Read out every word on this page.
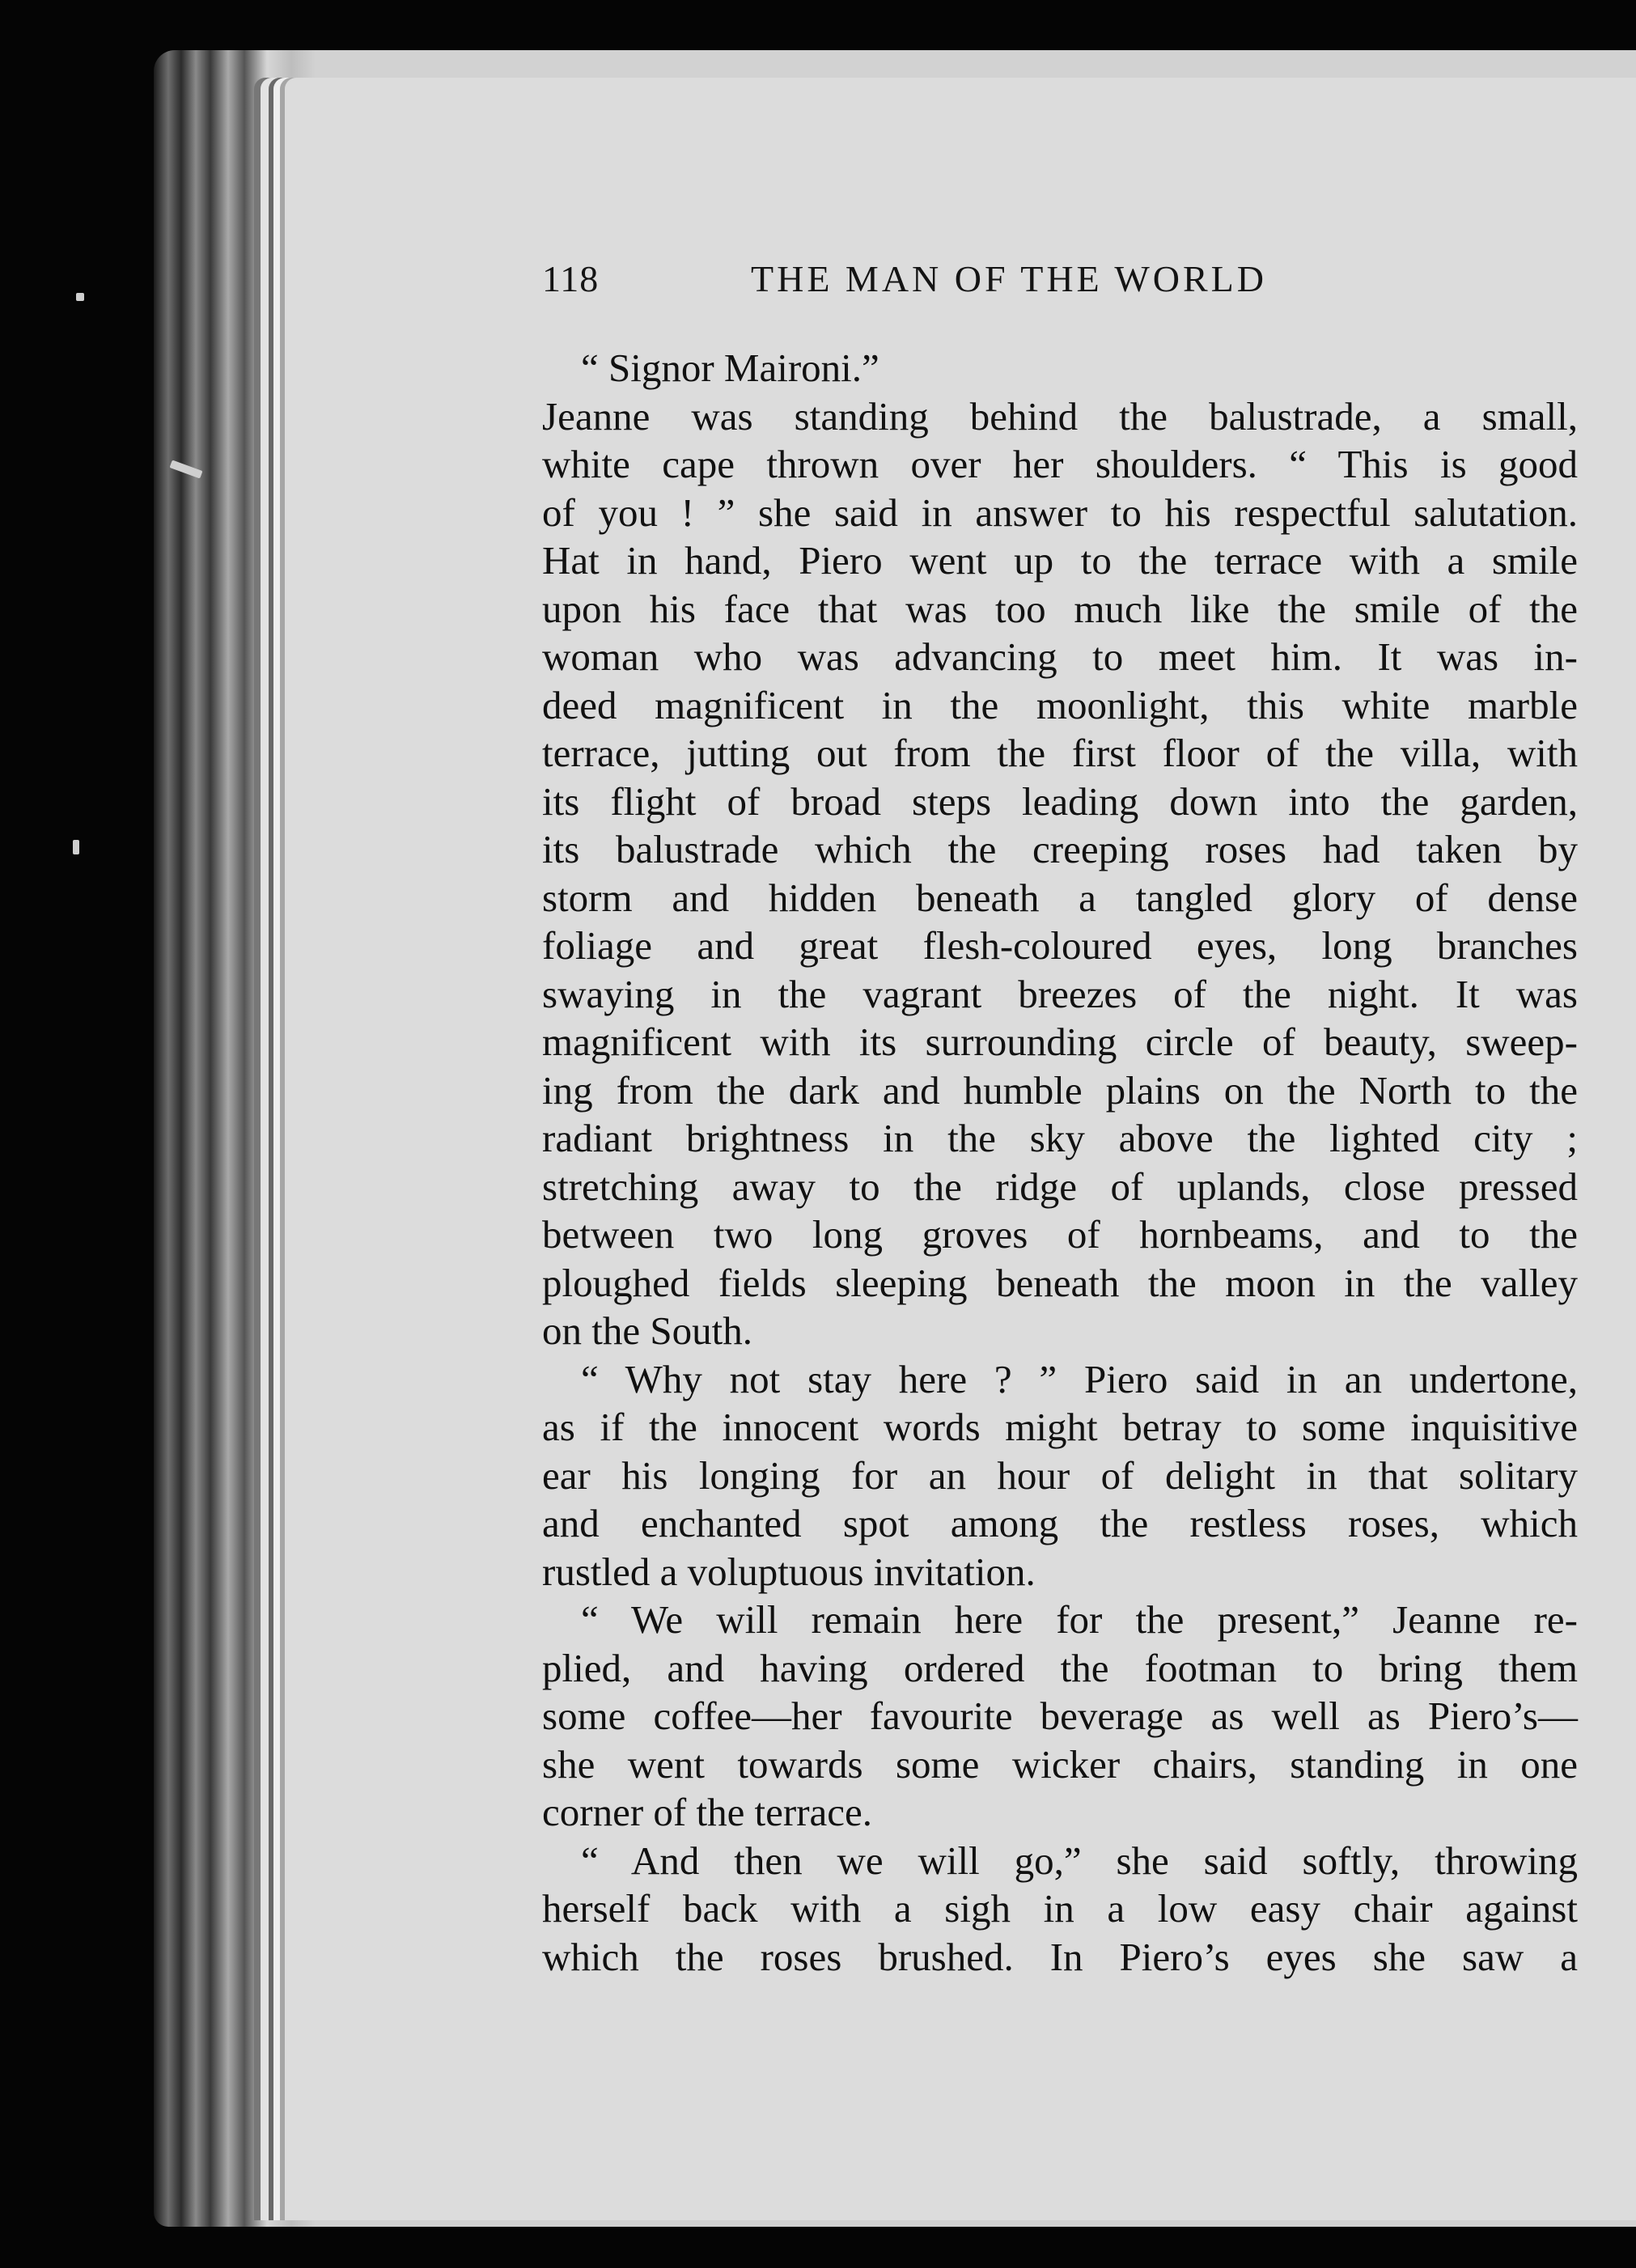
118	THE MAN OF THE WORLD
“ Signor Maironi.”
Jeanne was standing behind the balustrade, a small,
white cape thrown over her shoulders. “ This is good
of you ! ” she said in answer to his respectful salutation.
Hat in hand, Piero went up to the terrace with a smile
upon his face that was too much like the smile of the
woman who was advancing to meet him. It was in-
deed magnificent in the moonlight, this white marble
terrace, jutting out from the first floor of the villa, with
its flight of broad steps leading down into the garden,
its balustrade which the creeping roses had taken by
storm and hidden beneath a tangled glory of dense
foliage and great flesh-coloured eyes, long branches
swaying in the vagrant breezes of the night. It was
magnificent with its surrounding circle of beauty, sweep-
ing from the dark and humble plains on the North to the
radiant brightness in the sky above the lighted city ;
stretching away to the ridge of uplands, close pressed
between two long groves of hornbeams, and to the
ploughed fields sleeping beneath the moon in the valley
on the South.
“ Why not stay here ? ” Piero said in an undertone,
as if the innocent words might betray to some inquisitive
ear his longing for an hour of delight in that solitary
and enchanted spot among the restless roses, which
rustled a voluptuous invitation.
“ We will remain here for the present,” Jeanne re-
plied, and having ordered the footman to bring them
some coffee—her favourite beverage as well as Piero’s—
she went towards some wicker chairs, standing in one
corner of the terrace.
“ And then we will go,” she said softly, throwing
herself back with a sigh in a low easy chair against
which the roses brushed. In Piero’s eyes she saw a
